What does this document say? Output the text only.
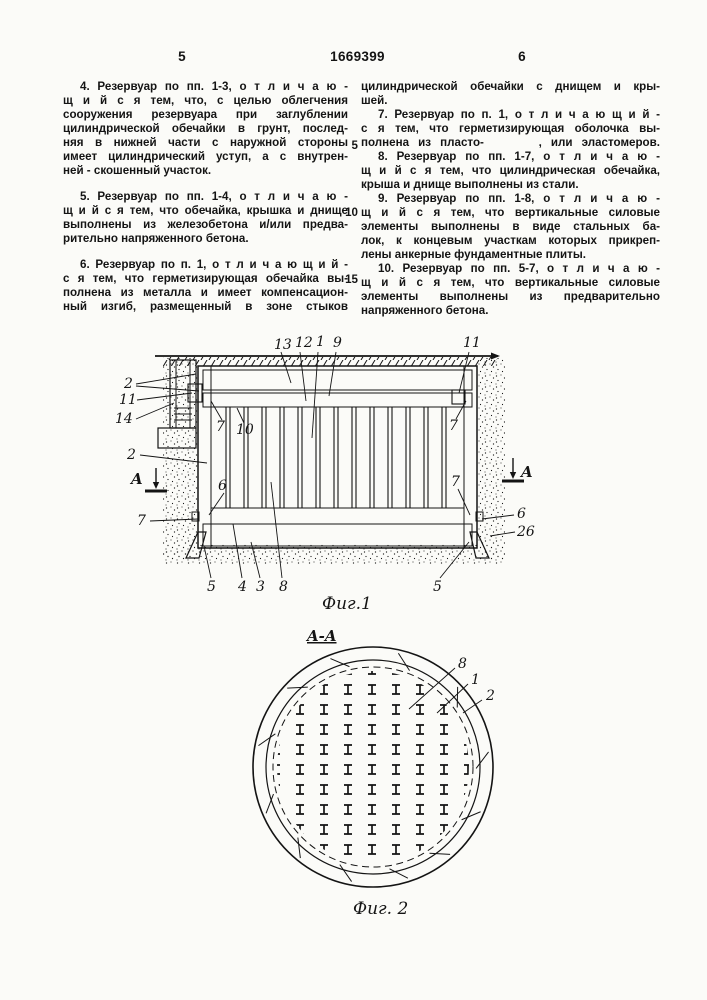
5	1669399	6
4. Резервуар по пп. 1-3, о т л и ч а ю -
щ и й с я тем, что, с целью облегчения
сооружения резервуара при заглублении
цилиндрической обечайки в грунт, послед-
няя в нижней части с наружной стороны
имеет цилиндрический уступ, а с внутрен-
ней - скошенный участок.
5. Резервуар по пп. 1-4, о т л и ч а ю -
щ и й с я тем, что обечайка, крышка и днище
выполнены из железобетона и/или предва-
рительно напряженного бетона.
6. Резервуар по п. 1, о т л и ч а ю щ и й -
с я тем, что герметизирующая обечайка вы-
полнена из металла и имеет компенсацион-
ный изгиб, размещенный в зоне стыков
цилиндрической обечайки с днищем и кры-
шей.
7. Резервуар по п. 1, о т л и ч а ю щ и й -
с я тем, что герметизирующая оболочка вы-
полнена из пласто-      , или эластомеров.
8. Резервуар по пп. 1-7, о т л и ч а ю -
щ и й с я тем, что цилиндрическая обечайка,
крыша и днище выполнены из стали.
9. Резервуар по пп. 1-8, о т л и ч а ю -
щ и й с я тем, что вертикальные силовые
элементы выполнены в виде стальных ба-
лок, к концевым участкам которых прикреп-
лены анкерные фундаментные плиты.
10. Резервуар по пп. 5-7, о т л и ч а ю -
щ и й с я тем, что вертикальные силовые
элементы выполнены из предварительно
напряженного бетона.
5
10
15
A	A
13 12 1 9	11
2
11
14
2
7
7 10	7
6	7
6
26
5 4 3 8	5
Фиг.1
A-A
8
1
2
Фиг. 2
